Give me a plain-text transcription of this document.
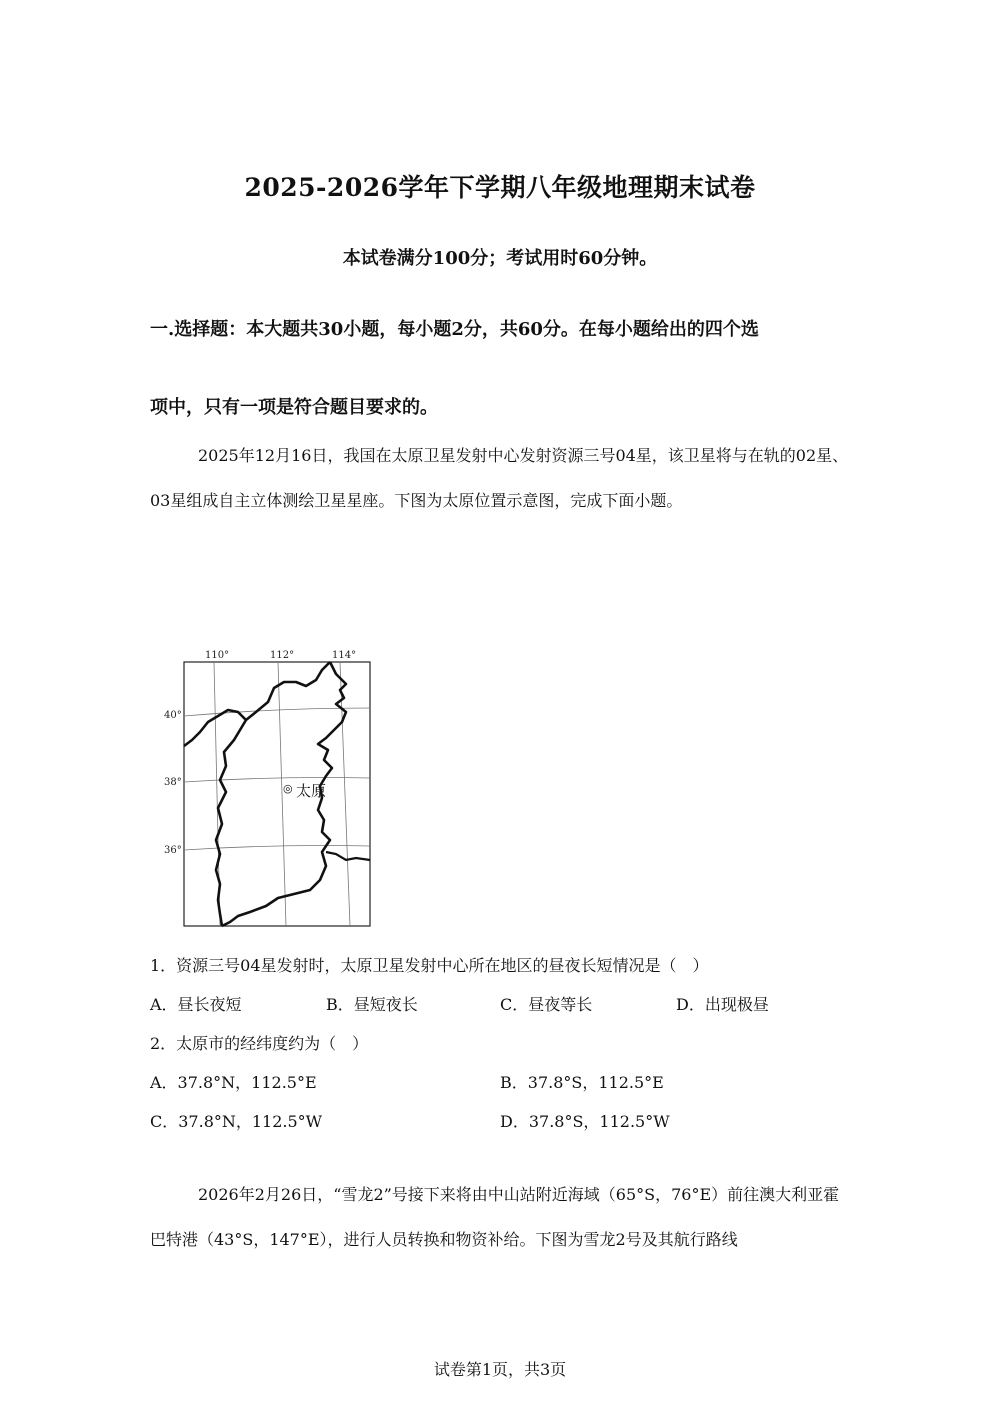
2025-2026学年下学期八年级地理期末试卷
本试卷满分100分；考试用时60分钟。
一.选择题：本大题共30小题，每小题2分，共60分。在每小题给出的四个选
项中，只有一项是符合题目要求的。

2025年12月16日，我国在太原卫星发射中心发射资源三号04星，该卫星将与在轨的02星、03星组成自主立体测绘卫星星座。下图为太原位置示意图，完成下面小题。

110°	112°	114°
40°
38°
36°
◎ 太原
1．资源三号04星发射时，太原卫星发射中心所在地区的昼夜长短情况是（　）
A．昼长夜短	B．昼短夜长	C．昼夜等长	D．出现极昼
2．太原市的经纬度约为（　）
A．37.8°N，112.5°E	B．37.8°S，112.5°E
C．37.8°N，112.5°W	D．37.8°S，112.5°W

2026年2月26日，“雪龙2”号接下来将由中山站附近海域（65°S，76°E）前往澳大利亚霍巴特港（43°S，147°E），进行人员转换和物资补给。下图为雪龙2号及其航行路线

试卷第1页，共3页
